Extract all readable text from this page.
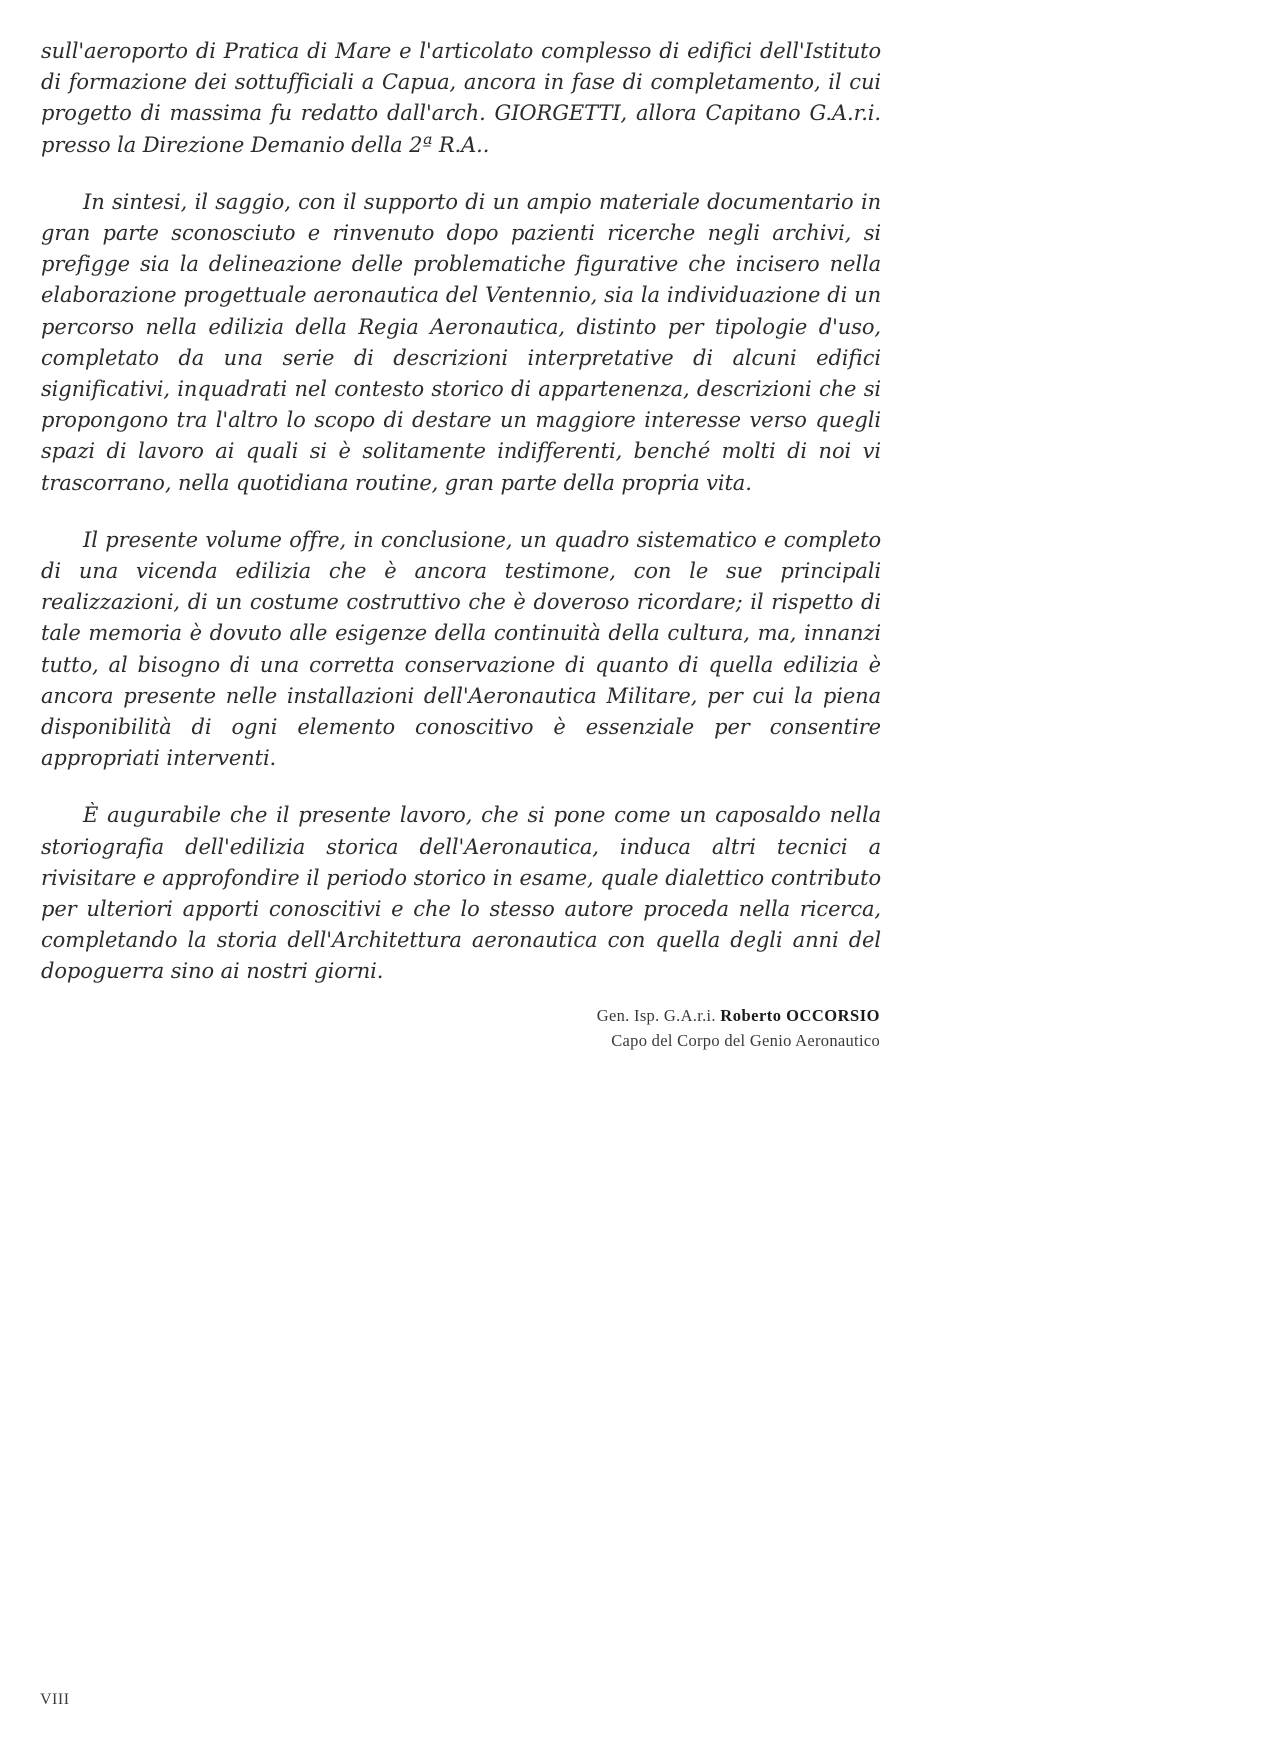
sull'aeroporto di Pratica di Mare e l'articolato complesso di edifici dell'Istituto di formazione dei sottufficiali a Capua, ancora in fase di completamento, il cui progetto di massima fu redatto dall'arch. GIORGETTI, allora Capitano G.A.r.i. presso la Direzione Demanio della 2ª R.A..

In sintesi, il saggio, con il supporto di un ampio materiale documentario in gran parte sconosciuto e rinvenuto dopo pazienti ricerche negli archivi, si prefigge sia la delineazione delle problematiche figurative che incisero nella elaborazione progettuale aeronautica del Ventennio, sia la individuazione di un percorso nella edilizia della Regia Aeronautica, distinto per tipologie d'uso, completato da una serie di descrizioni interpretative di alcuni edifici significativi, inquadrati nel contesto storico di appartenenza, descrizioni che si propongono tra l'altro lo scopo di destare un maggiore interesse verso quegli spazi di lavoro ai quali si è solitamente indifferenti, benché molti di noi vi trascorrano, nella quotidiana routine, gran parte della propria vita.

Il presente volume offre, in conclusione, un quadro sistematico e completo di una vicenda edilizia che è ancora testimone, con le sue principali realizzazioni, di un costume costruttivo che è doveroso ricordare; il rispetto di tale memoria è dovuto alle esigenze della continuità della cultura, ma, innanzi tutto, al bisogno di una corretta conservazione di quanto di quella edilizia è ancora presente nelle installazioni dell'Aeronautica Militare, per cui la piena disponibilità di ogni elemento conoscitivo è essenziale per consentire appropriati interventi.

È augurabile che il presente lavoro, che si pone come un caposaldo nella storiografia dell'edilizia storica dell'Aeronautica, induca altri tecnici a rivisitare e approfondire il periodo storico in esame, quale dialettico contributo per ulteriori apporti conoscitivi e che lo stesso autore proceda nella ricerca, completando la storia dell'Architettura aeronautica con quella degli anni del dopoguerra sino ai nostri giorni.

Gen. Isp. G.A.r.i. Roberto OCCORSIO
Capo del Corpo del Genio Aeronautico
VIII
